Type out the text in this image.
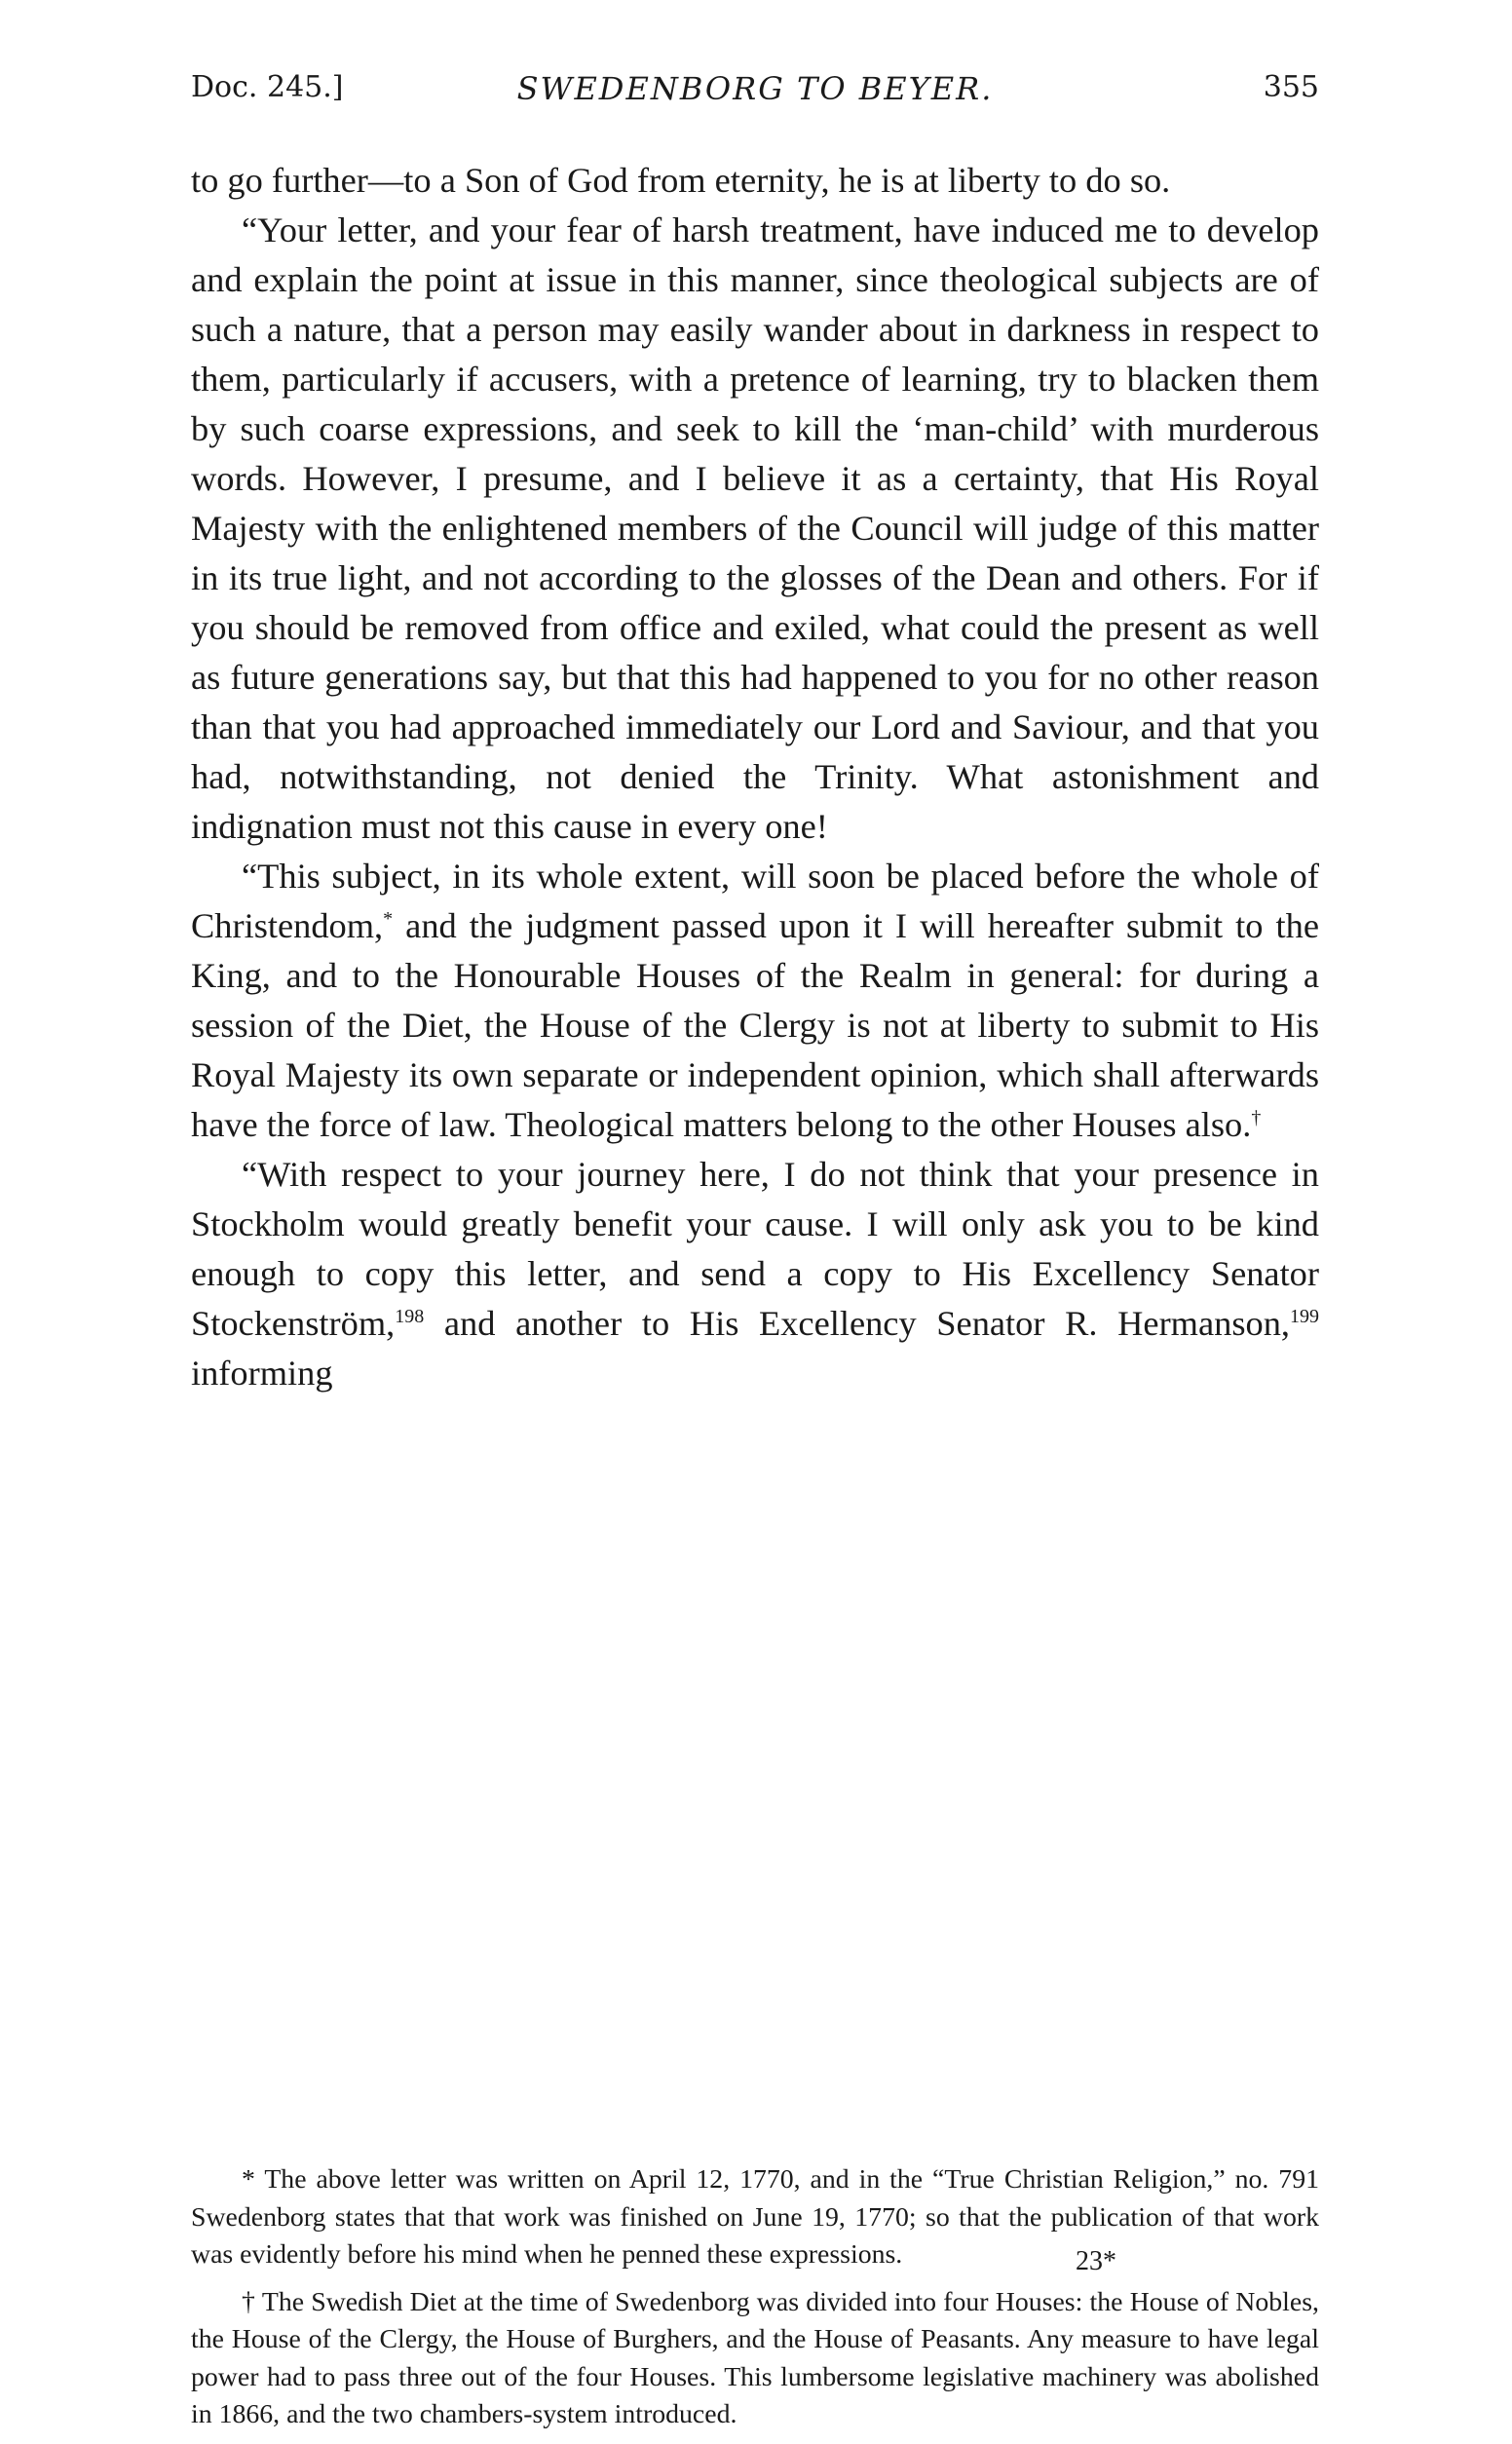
Doc. 245.]	SWEDENBORG TO BEYER.	355

to go further—to a Son of God from eternity, he is at liberty to do so.

“Your letter, and your fear of harsh treatment, have induced me to develop and explain the point at issue in this manner, since theological subjects are of such a nature, that a person may easily wander about in darkness in respect to them, particularly if accusers, with a pretence of learning, try to blacken them by such coarse expressions, and seek to kill the ‘man-child’ with murderous words. However, I presume, and I believe it as a certainty, that His Royal Majesty with the enlightened members of the Council will judge of this matter in its true light, and not according to the glosses of the Dean and others. For if you should be removed from office and exiled, what could the present as well as future generations say, but that this had happened to you for no other reason than that you had approached immediately our Lord and Saviour, and that you had, notwithstanding, not denied the Trinity. What astonishment and indignation must not this cause in every one!

“This subject, in its whole extent, will soon be placed before the whole of Christendom,* and the judgment passed upon it I will hereafter submit to the King, and to the Honourable Houses of the Realm in general: for during a session of the Diet, the House of the Clergy is not at liberty to submit to His Royal Majesty its own separate or independent opinion, which shall afterwards have the force of law. Theological matters belong to the other Houses also.†

“With respect to your journey here, I do not think that your presence in Stockholm would greatly benefit your cause. I will only ask you to be kind enough to copy this letter, and send a copy to His Excellency Senator Stockenström,$^{198}$ and another to His Excellency Senator R. Hermanson,$^{199}$ informing

* The above letter was written on April 12, 1770, and in the “True Christian Religion,” no. 791 Swedenborg states that that work was finished on June 19, 1770; so that the publication of that work was evidently before his mind when he penned these expressions.

† The Swedish Diet at the time of Swedenborg was divided into four Houses: the House of Nobles, the House of the Clergy, the House of Burghers, and the House of Peasants. Any measure to have legal power had to pass three out of the four Houses. This lumbersome legislative machinery was abolished in 1866, and the two chambers-system introduced.

23*
